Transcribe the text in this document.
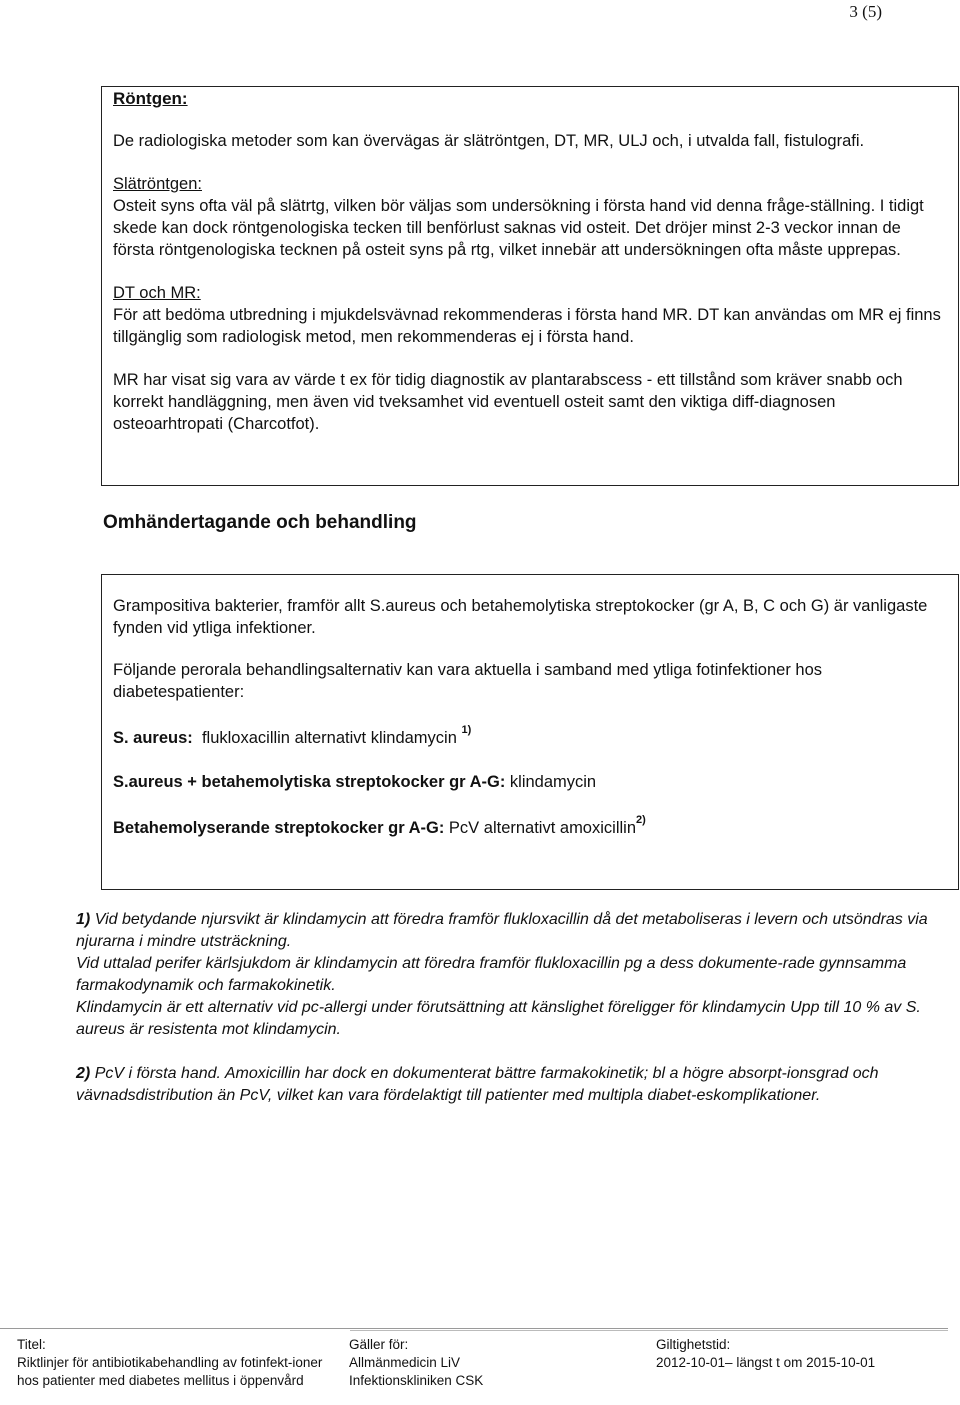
3 (5)

Röntgen:

De radiologiska metoder som kan övervägas är slätröntgen, DT, MR, ULJ och, i utvalda fall, fistulografi.

Slätröntgen:

Osteit syns ofta väl på slätrtg, vilken bör väljas som undersökning i första hand vid denna fråge-ställning. I tidigt skede kan dock röntgenologiska tecken till benförlust saknas vid osteit. Det dröjer minst 2-3 veckor innan de första röntgenologiska tecknen på osteit syns på rtg, vilket innebär att undersökningen ofta måste upprepas.

DT och MR:

För att bedöma utbredning i mjukdelsvävnad rekommenderas i första hand MR. DT kan användas om MR ej finns tillgänglig som radiologisk metod, men rekommenderas ej i första hand.

MR har visat sig vara av värde t ex för tidig diagnostik av plantarabscess - ett tillstånd som kräver snabb och korrekt handläggning, men även vid tveksamhet vid eventuell osteit samt den viktiga diff-diagnosen osteoarhtropati (Charcotfot).

Omhändertagande och behandling

Grampositiva bakterier, framför allt S.aureus och betahemolytiska streptokocker (gr A, B, C och G) är vanligaste fynden vid ytliga infektioner.

Följande perorala behandlingsalternativ kan vara aktuella i samband med ytliga fotinfektioner hos diabetespatienter:

S. aureus: flukloxacillin alternativt klindamycin $^{1)}$

S.aureus + betahemolytiska streptokocker gr A-G: klindamycin

Betahemolyserande streptokocker gr A-G: PcV alternativt amoxicillin$^{2)}$

1) Vid betydande njursvikt är klindamycin att föredra framför flukloxacillin då det metaboliseras i levern och utsöndras via njurarna i mindre utsträckning.

Vid uttalad perifer kärlsjukdom är klindamycin att föredra framför flukloxacillin pg a dess dokumente-rade gynnsamma farmakodynamik och farmakokinetik.

Klindamycin är ett alternativ vid pc-allergi under förutsättning att känslighet föreligger för klindamycin Upp till 10 % av S. aureus är resistenta mot klindamycin.

2) PcV i första hand. Amoxicillin har dock en dokumenterat bättre farmakokinetik; bl a högre absorpt-ionsgrad och vävnadsdistribution än PcV, vilket kan vara fördelaktigt till patienter med multipla diabet-eskomplikationer.

Titel:
Riktlinjer för antibiotikabehandling av fotinfekt-ioner hos patienter med diabetes mellitus i öppenvård
Gäller för:
Allmänmedicin LiV
Infektionskliniken CSK
Giltighetstid:
2012-10-01– längst t om 2015-10-01
